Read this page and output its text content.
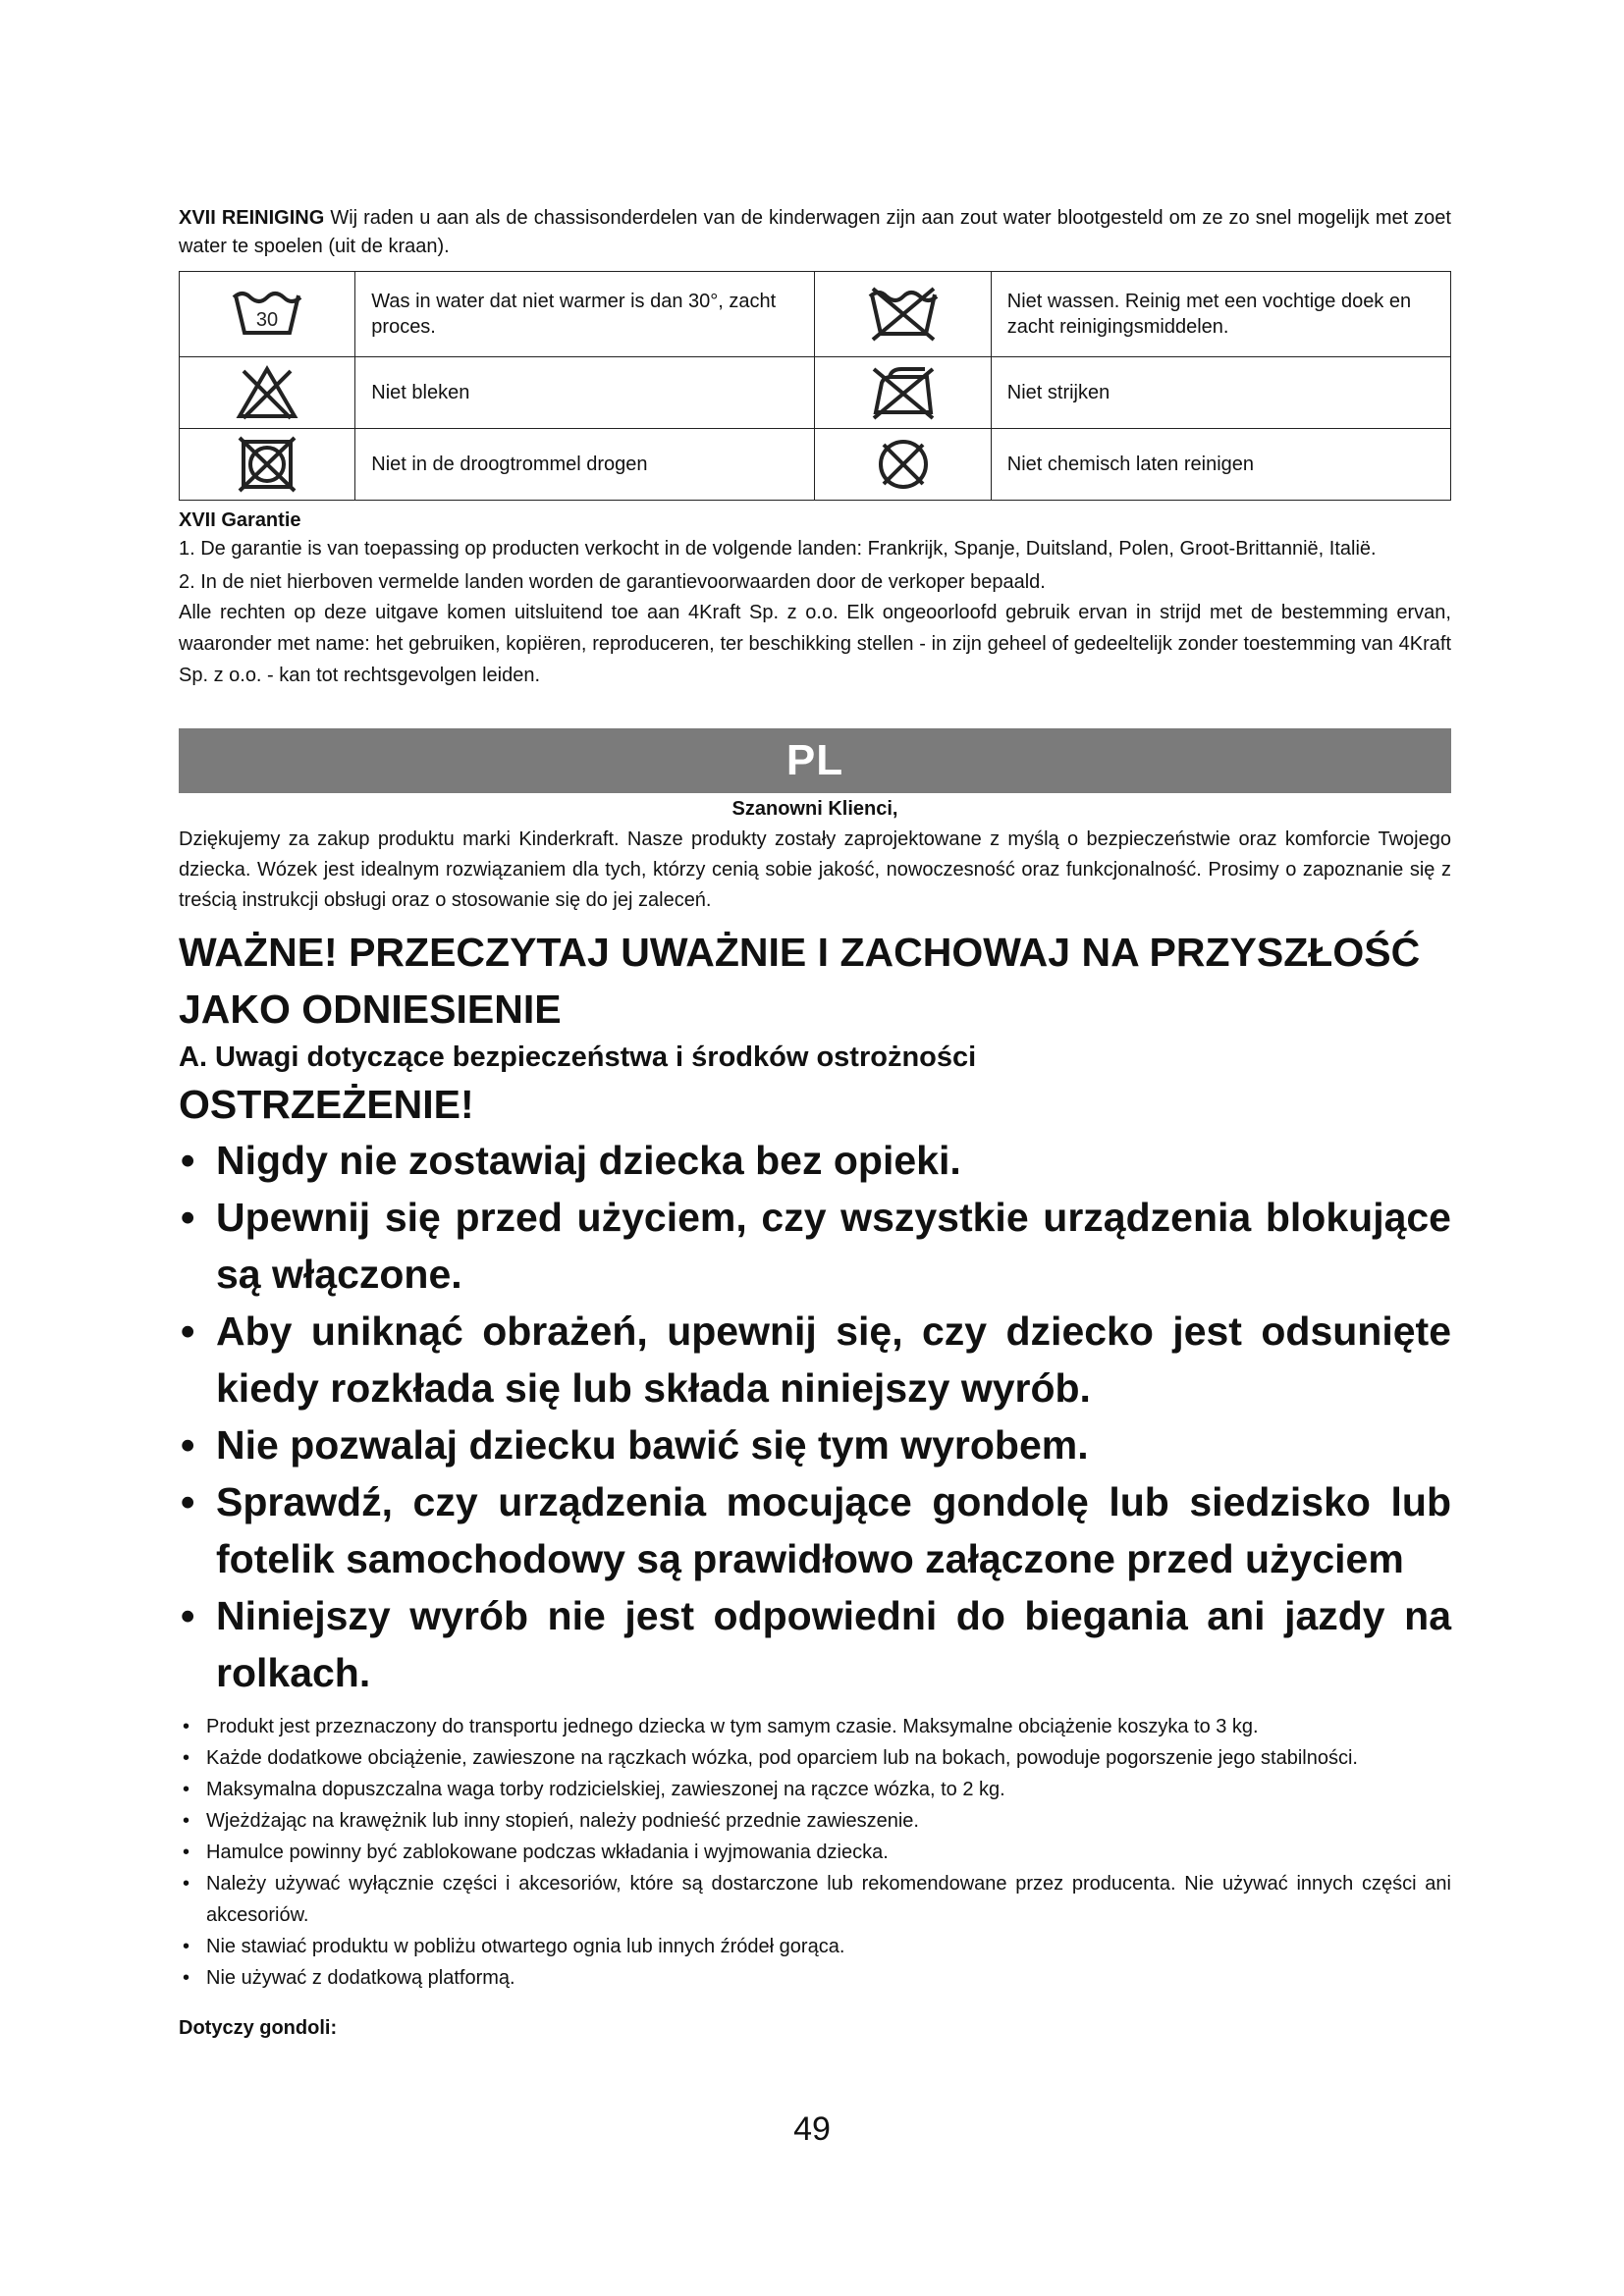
XVII REINIGING Wij raden u aan als de chassisonderdelen van de kinderwagen zijn aan zout water blootgesteld om ze zo snel mogelijk met zoet water te spoelen (uit de kraan).

30	Was in water dat niet warmer is dan 30°, zacht proces.		Niet wassen. Reinig met een vochtige doek en zacht reinigingsmiddelen.

	Niet bleken		Niet strijken

	Niet in de droogtrommel drogen		Niet chemisch laten reinigen

XVII Garantie

1. De garantie is van toepassing op producten verkocht in de volgende landen: Frankrijk, Spanje, Duitsland, Polen, Groot-Brittannië, Italië.

2. In de niet hierboven vermelde landen worden de garantievoorwaarden door de verkoper bepaald.

Alle rechten op deze uitgave komen uitsluitend toe aan 4Kraft Sp. z o.o. Elk ongeoorloofd gebruik ervan in strijd met de bestemming ervan, waaronder met name: het gebruiken, kopiëren, reproduceren, ter beschikking stellen - in zijn geheel of gedeeltelijk zonder toestemming van 4Kraft Sp. z o.o. - kan tot rechtsgevolgen leiden.

PL

Szanowni Klienci,

Dziękujemy za zakup produktu marki Kinderkraft. Nasze produkty zostały zaprojektowane z myślą o bezpieczeństwie oraz komforcie Twojego dziecka. Wózek jest idealnym rozwiązaniem dla tych, którzy cenią sobie jakość, nowoczesność oraz funkcjonalność. Prosimy o zapoznanie się z treścią instrukcji obsługi oraz o stosowanie się do jej zaleceń.

WAŻNE! PRZECZYTAJ UWAŻNIE I ZACHOWAJ NA PRZYSZŁOŚĆ JAKO ODNIESIENIE

A. Uwagi dotyczące bezpieczeństwa i środków ostrożności

OSTRZEŻENIE!

• Nigdy nie zostawiaj dziecka bez opieki.
• Upewnij się przed użyciem, czy wszystkie urządzenia blokujące są włączone.
• Aby uniknąć obrażeń, upewnij się, czy dziecko jest odsunięte kiedy rozkłada się lub składa niniejszy wyrób.
• Nie pozwalaj dziecku bawić się tym wyrobem.
• Sprawdź, czy urządzenia mocujące gondolę lub siedzisko lub fotelik samochodowy są prawidłowo załączone przed użyciem
• Niniejszy wyrób nie jest odpowiedni do biegania ani jazdy na rolkach.
• Produkt jest przeznaczony do transportu jednego dziecka w tym samym czasie. Maksymalne obciążenie koszyka to 3 kg.
• Każde dodatkowe obciążenie, zawieszone na rączkach wózka, pod oparciem lub na bokach, powoduje pogorszenie jego stabilności.
• Maksymalna dopuszczalna waga torby rodzicielskiej, zawieszonej na rączce wózka, to 2 kg.
• Wjeżdżając na krawężnik lub inny stopień, należy podnieść przednie zawieszenie.
• Hamulce powinny być zablokowane podczas wkładania i wyjmowania dziecka.
• Należy używać wyłącznie części i akcesoriów, które są dostarczone lub rekomendowane przez producenta. Nie używać innych części ani akcesoriów.
• Nie stawiać produktu w pobliżu otwartego ognia lub innych źródeł gorąca.
• Nie używać z dodatkową platformą.

Dotyczy gondoli:

49
